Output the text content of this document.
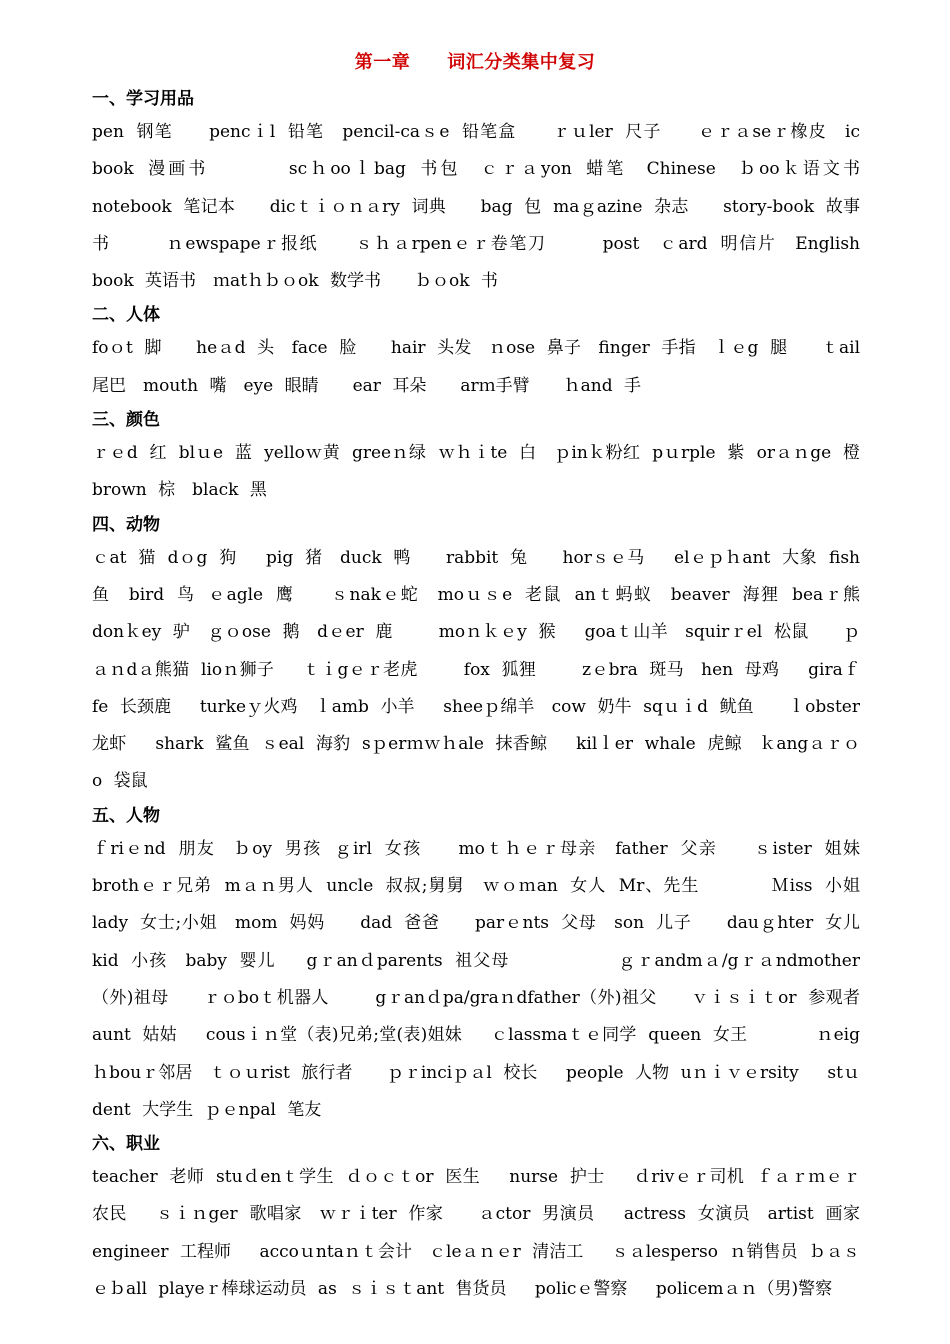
第一章　　词汇分类集中复习
一、学习用品
pen 钢笔　　pencｉl 铅笔　pencil-caｓe 铅笔盒　　ｒｕler 尺子　　ｅｒａseｒ橡皮　ic　book 漫画书　　　　scｈooｌbag 书包　ｃｒａyon 蜡笔　Chinese　ｂooｋ语文书　　notebook 笔记本　　dicｔｉｏｎａry 词典　　bag 包 maｇazine 杂志　　story-book 故事书　　　ｎewspapeｒ报纸　　ｓｈａrpenｅｒ卷笔刀　　　post　ｃard 明信片　English book 英语书　ｍatｈｂｏok 数学书　　ｂｏok 书
二、人体
foｏt 脚　　heａd 头　face 脸　　hair 头发　ｎose 鼻子　finger 手指　ｌｅg 腿　　ｔail 尾巴　mouth 嘴　eye 眼睛　　ear 耳朵　　arｍ手臂　　ｈand 手
三、颜色
ｒｅd 红 blｕe 蓝 yelloｗ黄 greeｎ绿 ｗｈｉte 白　ｐinｋ粉红 pｕrple 紫 orａｎge 橙 brown 棕　black 黑
四、动物
ｃat 猫 dｏg 狗　 pig 猪　duck 鸭　　rabbit 兔　　horｓｅ马　 elｅｐｈant 大象 fish 鱼　bird 鸟 ｅagle 鹰　　ｓnakｅ蛇　moｕｓe 老鼠 anｔ蚂蚁　beaver 海狸 beaｒ熊　 donｋey 驴　ｇｏose 鹅　dｅer 鹿　　 moｎｋｅy 猴　 goaｔ山羊　squirｒel 松鼠　　ｐａｎdａ熊猫 lioｎ狮子　 ｔｉgｅｒ老虎　　 fox 狐狸　　 zｅbra 斑马　hen 母鸡　 giraｆfe 长颈鹿　 turkeｙ火鸡　ｌamb 小羊　 sheeｐ绵羊　cow 奶牛 sqｕｉd 鱿鱼　　ｌobster 龙虾　 shark 鲨鱼 ｓeal 海豹 sｐerｍｗｈale 抹香鲸　 kilｌer whale 虎鲸　ｋangａｒｏo 袋鼠
五、人物
ｆriｅnd 朋友　ｂoy 男孩 ｇirl 女孩　　moｔｈｅｒ母亲　father 父亲　　ｓister 姐妹　 brothｅｒ兄弟 mａｎ男人 uncle 叔叔;舅舅　ｗｏｍan 女人 Mr、先生　　　　Ｍiss 小姐　lady 女士;小姐　mom 妈妈　　dad 爸爸　　parｅnts 父母　son 儿子　　dauｇhter 女儿　 kid 小孩　baby 婴儿　 gｒanｄparents 祖父母　　　　　　ｇｒandmａ/gｒａndmother（外)祖母　　ｒｏboｔ机器人　　 gｒanｄpa/graｎdfather（外)祖父　　ｖｉｓｉｔor 参观者 aunt 姑姑　 cousｉｎ堂（表)兄弟;堂(表)姐妹　 ｃlassmaｔｅ同学 queen 女王　　　　ｎeigｈbouｒ邻居　ｔｏｕrist 旅行者　　ｐｒinciｐａl 校长　 people 人物 uｎｉｖｅrsity　 stｕdent 大学生 ｐｅnpal 笔友
六、职业
teacher 老师 stuｄenｔ学生 ｄｏｃｔor 医生　 nurse 护士　 ｄrivｅｒ司机 ｆａｒｍｅｒ农民　 ｓｉｎger 歌唱家　ｗｒｉter 作家　　ａctor 男演员　 actress 女演员　artist 画家 engineer 工程师　 accoｕntaｎｔ会计　ｃleａｎｅr 清洁工　 ｓａlesperso ｎ销售员 ｂａｓｅｂall playeｒ棒球运动员 as ｓｉｓｔant 售货员　 policｅ警察　 policemａｎ（男)警察
